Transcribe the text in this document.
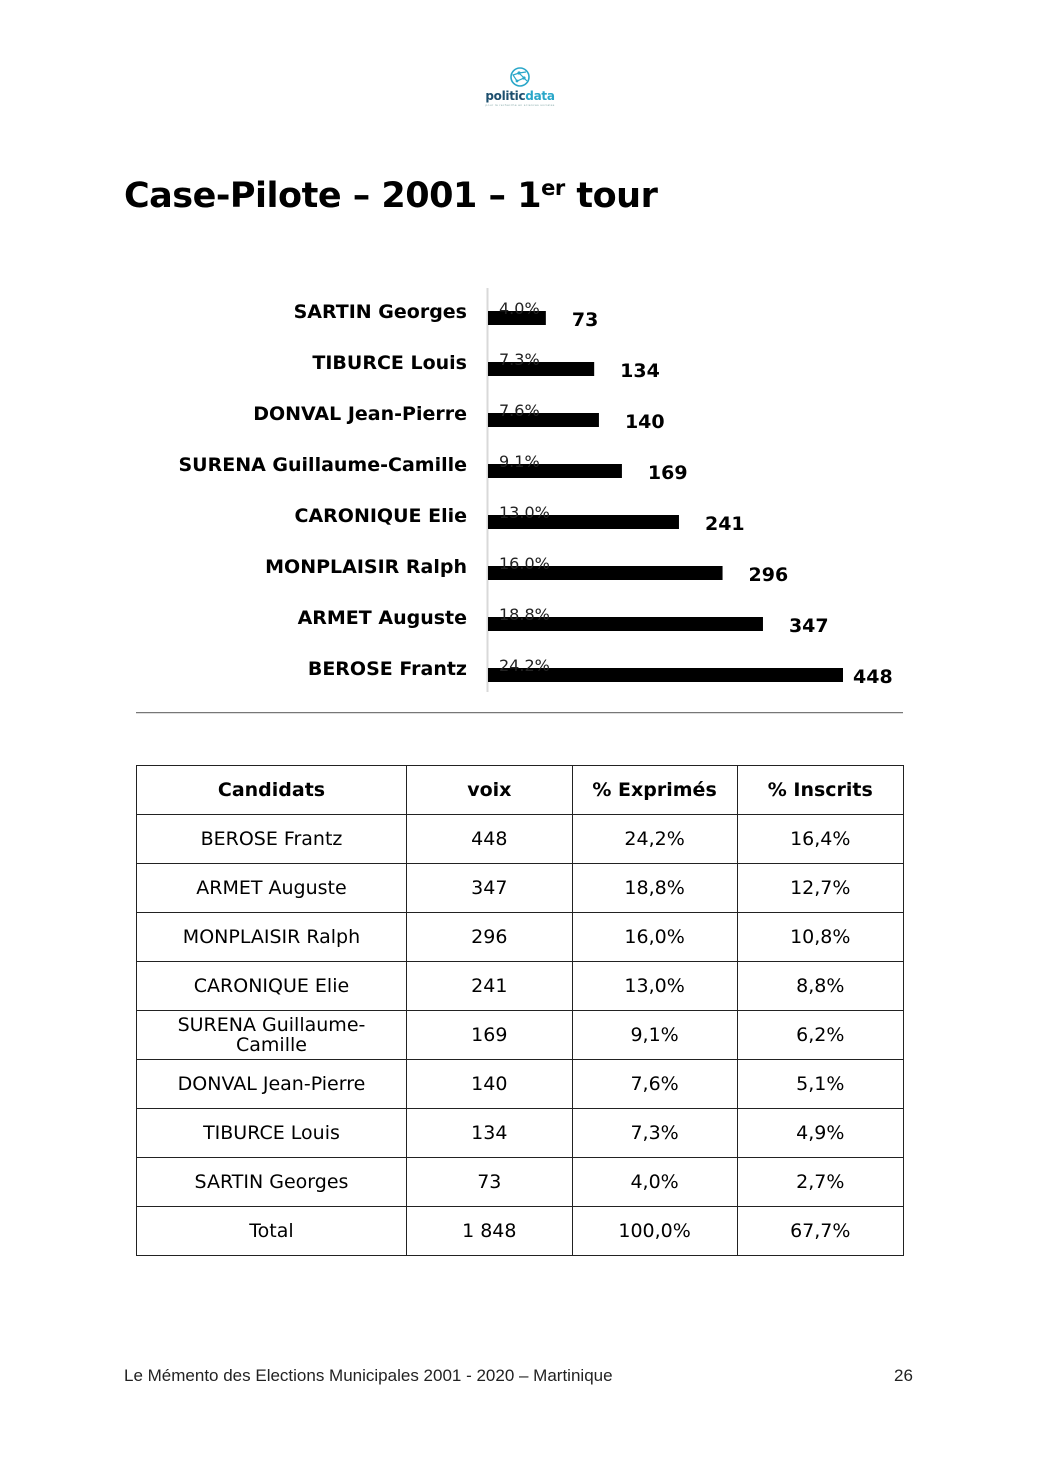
politicdata
pour la recherche en sciences sociales
Case-Pilote – 2001 – 1er tour
SARTIN Georges 4.0%
73
TIBURCE Louis 7.3%
134
DONVAL Jean-Pierre 7.6%
140
SURENA Guillaume-Camille 9.1%
169
CARONIQUE Elie 13.0%
241
MONPLAISIR Ralph 16.0%
296
ARMET Auguste 18.8%
347
BEROSE Frantz 24.2%
448
Candidats	voix	% Exprimés	% Inscrits
BEROSE Frantz	448	24,2%	16,4%
ARMET Auguste	347	18,8%	12,7%
MONPLAISIR Ralph	296	16,0%	10,8%
CARONIQUE Elie	241	13,0%	8,8%
SURENA Guillaume-Camille	169	9,1%	6,2%
DONVAL Jean-Pierre	140	7,6%	5,1%
TIBURCE Louis	134	7,3%	4,9%
SARTIN Georges	73	4,0%	2,7%
Total	1 848	100,0%	67,7%
Le Mémento des Elections Municipales 2001 - 2020 – Martinique	26
